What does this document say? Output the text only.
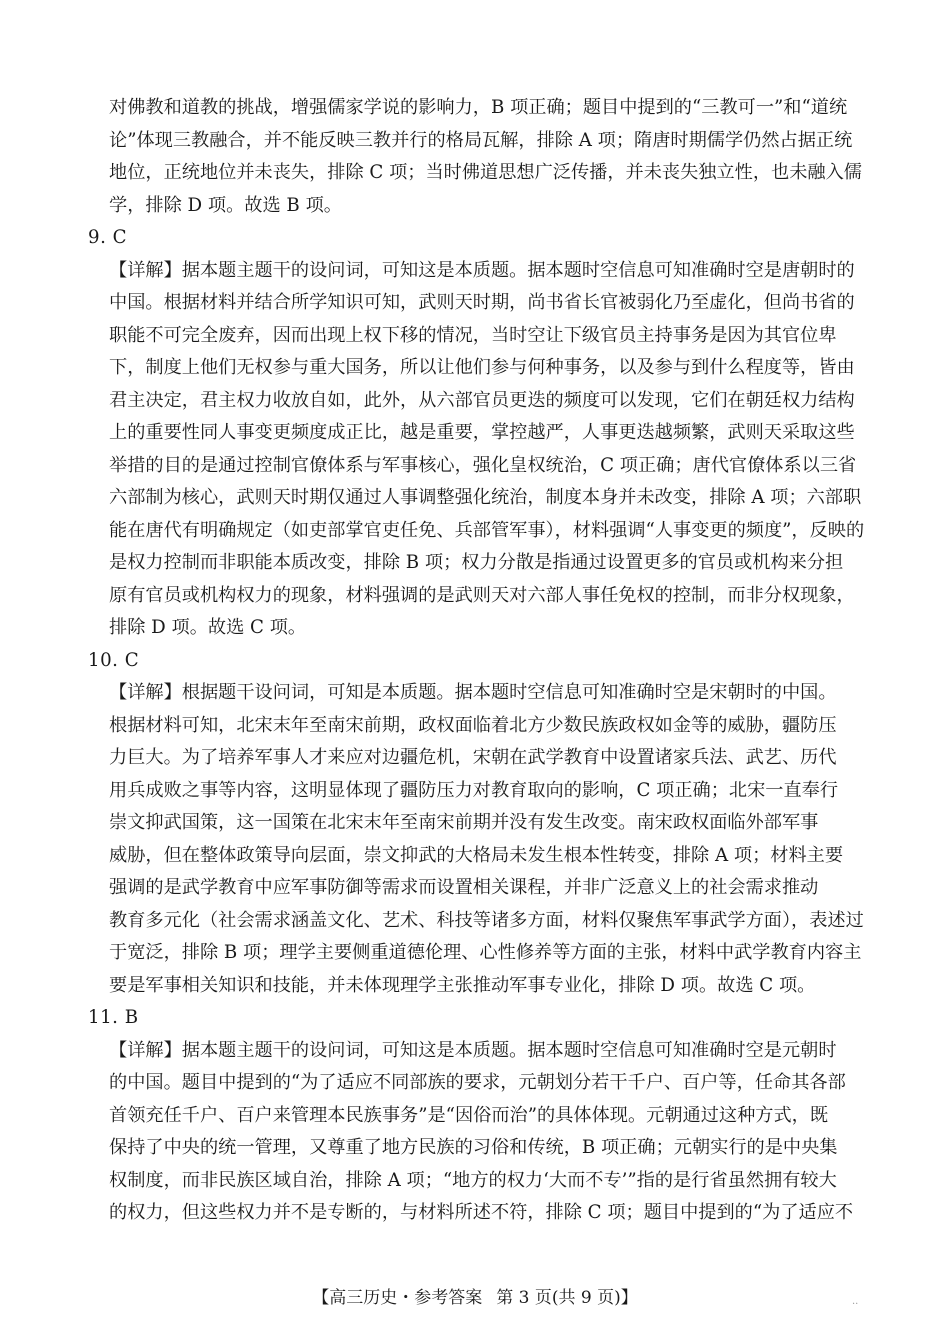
对佛教和道教的挑战，增强儒家学说的影响力，B 项正确；题目中提到的“三教可一”和“道统
论”体现三教融合，并不能反映三教并行的格局瓦解，排除 A 项；隋唐时期儒学仍然占据正统
地位，正统地位并未丧失，排除 C 项；当时佛道思想广泛传播，并未丧失独立性，也未融入儒
学，排除 D 项。故选 B 项。
9. C
【详解】据本题主题干的设问词，可知这是本质题。据本题时空信息可知准确时空是唐朝时的
中国。根据材料并结合所学知识可知，武则天时期，尚书省长官被弱化乃至虚化，但尚书省的
职能不可完全废弃，因而出现上权下移的情况，当时空让下级官员主持事务是因为其官位卑
下，制度上他们无权参与重大国务，所以让他们参与何种事务，以及参与到什么程度等，皆由
君主决定，君主权力收放自如，此外，从六部官员更迭的频度可以发现，它们在朝廷权力结构
上的重要性同人事变更频度成正比，越是重要，掌控越严，人事更迭越频繁，武则天采取这些
举措的目的是通过控制官僚体系与军事核心，强化皇权统治，C 项正确；唐代官僚体系以三省
六部制为核心，武则天时期仅通过人事调整强化统治，制度本身并未改变，排除 A 项；六部职
能在唐代有明确规定（如吏部掌官吏任免、兵部管军事），材料强调“人事变更的频度”，反映的
是权力控制而非职能本质改变，排除 B 项；权力分散是指通过设置更多的官员或机构来分担
原有官员或机构权力的现象，材料强调的是武则天对六部人事任免权的控制，而非分权现象，
排除 D 项。故选 C 项。
10. C
【详解】根据题干设问词，可知是本质题。据本题时空信息可知准确时空是宋朝时的中国。
根据材料可知，北宋末年至南宋前期，政权面临着北方少数民族政权如金等的威胁，疆防压
力巨大。为了培养军事人才来应对边疆危机，宋朝在武学教育中设置诸家兵法、武艺、历代
用兵成败之事等内容，这明显体现了疆防压力对教育取向的影响，C 项正确；北宋一直奉行
崇文抑武国策，这一国策在北宋末年至南宋前期并没有发生改变。南宋政权面临外部军事
威胁，但在整体政策导向层面，崇文抑武的大格局未发生根本性转变，排除 A 项；材料主要
强调的是武学教育中应军事防御等需求而设置相关课程，并非广泛意义上的社会需求推动
教育多元化（社会需求涵盖文化、艺术、科技等诸多方面，材料仅聚焦军事武学方面），表述过
于宽泛，排除 B 项；理学主要侧重道德伦理、心性修养等方面的主张，材料中武学教育内容主
要是军事相关知识和技能，并未体现理学主张推动军事专业化，排除 D 项。故选 C 项。
11. B
【详解】据本题主题干的设问词，可知这是本质题。据本题时空信息可知准确时空是元朝时
的中国。题目中提到的“为了适应不同部族的要求，元朝划分若干千户、百户等，任命其各部
首领充任千户、百户来管理本民族事务”是“因俗而治”的具体体现。元朝通过这种方式，既
保持了中央的统一管理，又尊重了地方民族的习俗和传统，B 项正确；元朝实行的是中央集
权制度，而非民族区域自治，排除 A 项；“地方的权力‘大而不专’”指的是行省虽然拥有较大
的权力，但这些权力并不是专断的，与材料所述不符，排除 C 项；题目中提到的“为了适应不
【高三历史・参考答案 第 3 页(共 9 页)】	..
